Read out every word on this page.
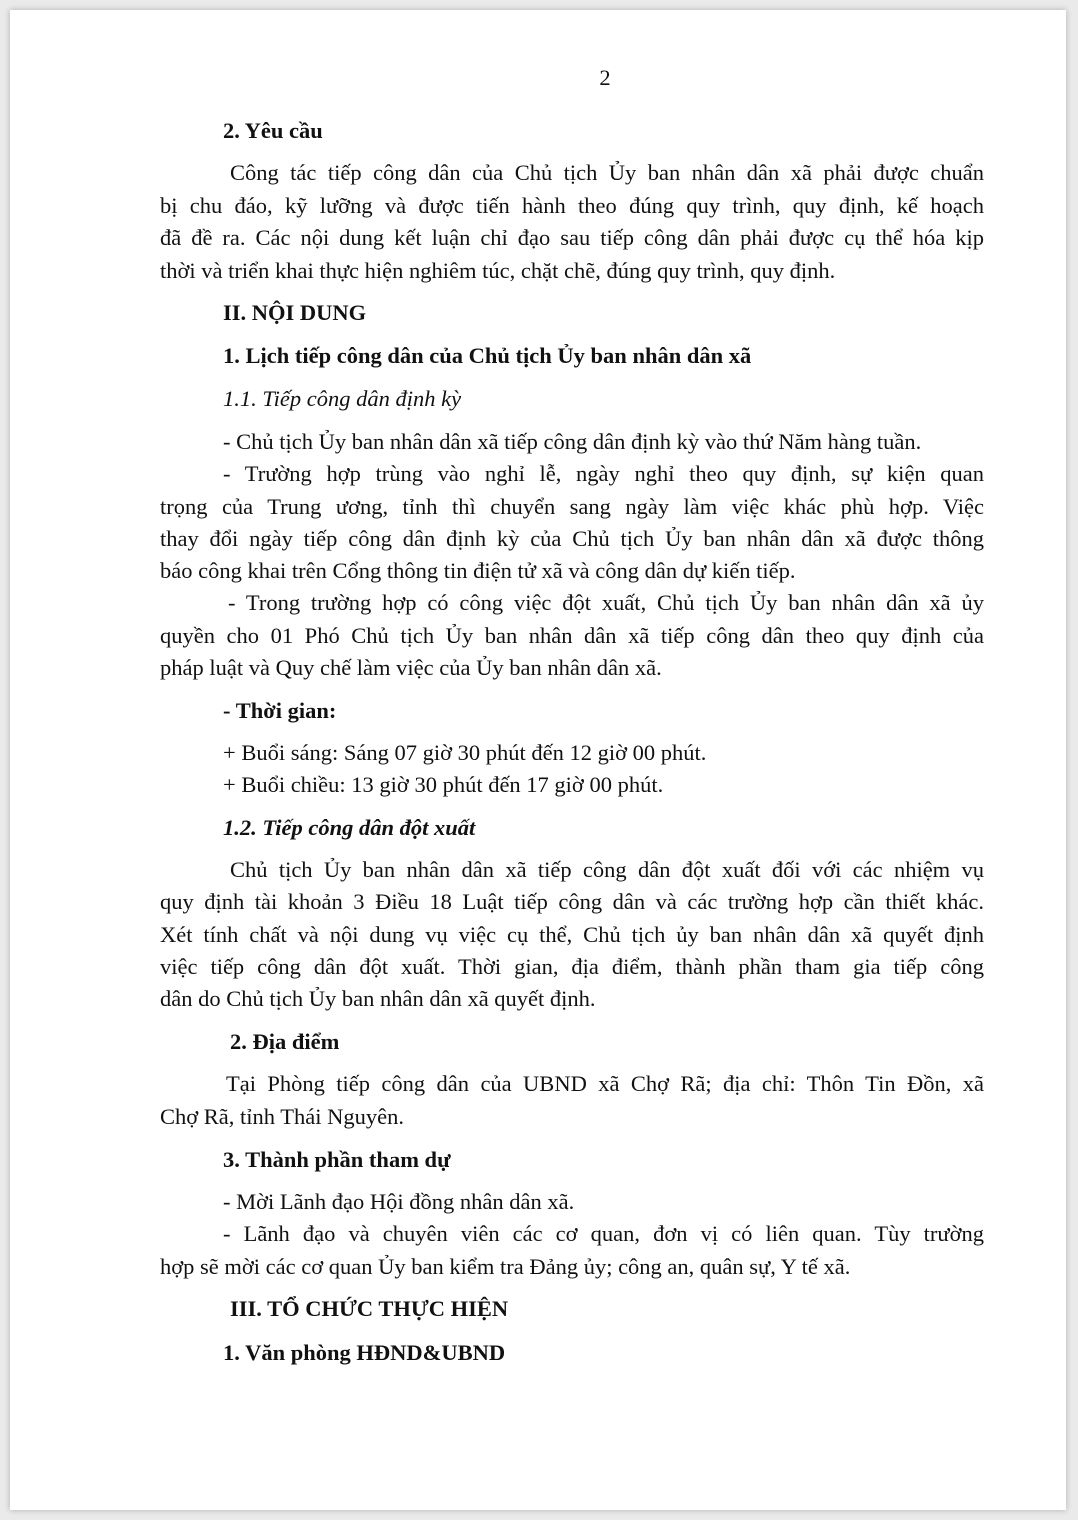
2
2. Yêu cầu
Công tác tiếp công dân của Chủ tịch Ủy ban nhân dân xã phải được chuẩn
bị chu đáo, kỹ lưỡng và được tiến hành theo đúng quy trình, quy định, kế hoạch
đã đề ra. Các nội dung kết luận chỉ đạo sau tiếp công dân phải được cụ thể hóa kịp
thời và triển khai thực hiện nghiêm túc, chặt chẽ, đúng quy trình, quy định.
II. NỘI DUNG
1. Lịch tiếp công dân của Chủ tịch Ủy ban nhân dân xã
1.1. Tiếp công dân định kỳ
- Chủ tịch Ủy ban nhân dân xã tiếp công dân định kỳ vào thứ Năm hàng tuần.
- Trường hợp trùng vào nghỉ lễ, ngày nghỉ theo quy định, sự kiện quan
trọng của Trung ương, tỉnh thì chuyển sang ngày làm việc khác phù hợp. Việc
thay đổi ngày tiếp công dân định kỳ của Chủ tịch Ủy ban nhân dân xã được thông
báo công khai trên Cổng thông tin điện tử xã và công dân dự kiến tiếp.
- Trong trường hợp có công việc đột xuất, Chủ tịch Ủy ban nhân dân xã ủy
quyền cho 01 Phó Chủ tịch Ủy ban nhân dân xã tiếp công dân theo quy định của
pháp luật và Quy chế làm việc của Ủy ban nhân dân xã.
- Thời gian:
+ Buổi sáng: Sáng 07 giờ 30 phút đến 12 giờ 00 phút.
+ Buổi chiều: 13 giờ 30 phút đến 17 giờ 00 phút.
1.2. Tiếp công dân đột xuất
Chủ tịch Ủy ban nhân dân xã tiếp công dân đột xuất đối với các nhiệm vụ
quy định tài khoản 3 Điều 18 Luật tiếp công dân và các trường hợp cần thiết khác.
Xét tính chất và nội dung vụ việc cụ thể, Chủ tịch ủy ban nhân dân xã quyết định
việc tiếp công dân đột xuất. Thời gian, địa điểm, thành phần tham gia tiếp công
dân do Chủ tịch Ủy ban nhân dân xã quyết định.
2. Địa điểm
Tại Phòng tiếp công dân của UBND xã Chợ Rã; địa chỉ: Thôn Tin Đồn, xã
Chợ Rã, tỉnh Thái Nguyên.
3. Thành phần tham dự
- Mời Lãnh đạo Hội đồng nhân dân xã.
- Lãnh đạo và chuyên viên các cơ quan, đơn vị có liên quan. Tùy trường
hợp sẽ mời các cơ quan Ủy ban kiểm tra Đảng ủy; công an, quân sự, Y tế xã.
III. TỔ CHỨC THỰC HIỆN
1. Văn phòng HĐND&UBND
